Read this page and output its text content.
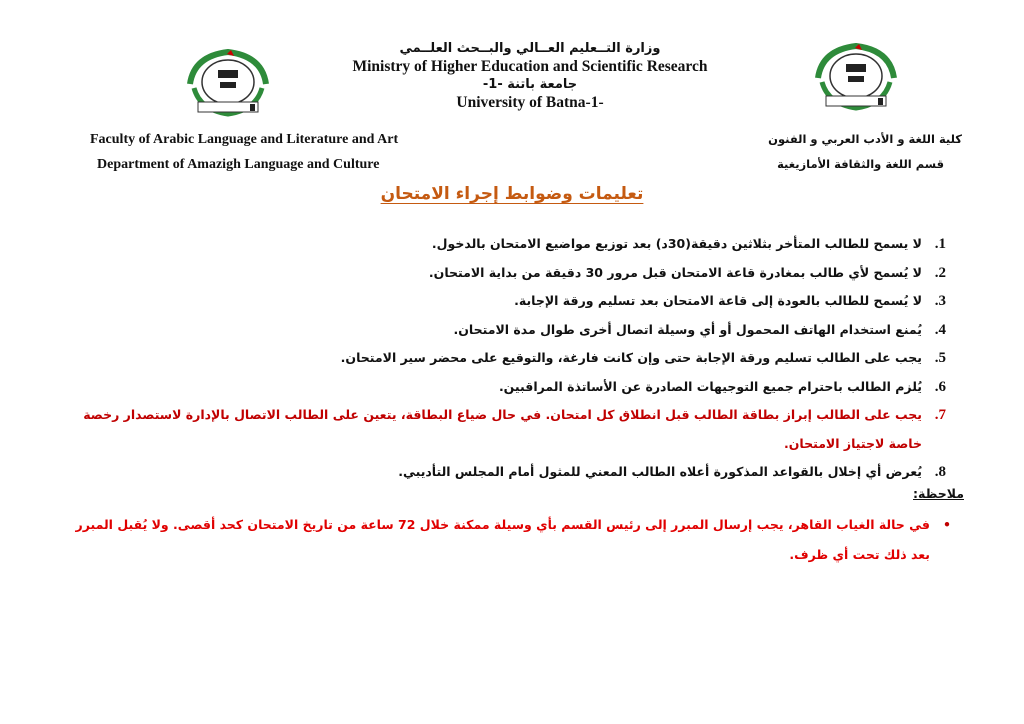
وزارة التــعليم العــالي والبــحث العلــمي
Ministry of Higher Education and Scientific Research
جامعة باتنة -1-
University of Batna-1-
Faculty of Arabic Language and Literature and Art
Department of Amazigh Language and Culture
كلية اللغة و الأدب العربي و الفنون
قسم اللغة والثقافة الأمازيغية
تعليمات وضوابط إجراء الامتحان
1.
لا يسمح للطالب المتأخر بثلاثين دقيقة(30د) بعد توزيع مواضيع الامتحان بالدخول.
2.
لا يُسمح لأي طالب بمغادرة قاعة الامتحان قبل مرور 30 دقيقة من بداية الامتحان.
3.
لا يُسمح للطالب بالعودة إلى قاعة الامتحان بعد تسليم ورقة الإجابة.
4.
يُمنع استخدام الهاتف المحمول أو أي وسيلة اتصال أخرى طوال مدة الامتحان.
5.
يجب على الطالب تسليم ورقة الإجابة حتى وإن كانت فارغة، والتوقيع على محضر سير الامتحان.
6.
يُلزم الطالب باحترام جميع التوجيهات الصادرة عن الأساتذة المراقبين.
7.
يجب على الطالب إبراز بطاقة الطالب قبل انطلاق كل امتحان. في حال ضياع البطاقة، يتعين على الطالب الاتصال بالإدارة لاستصدار رخصة خاصة لاجتياز الامتحان.
8.
يُعرض أي إخلال بالقواعد المذكورة أعلاه الطالب المعني للمثول أمام المجلس التأديبي.
ملاحظة:
•
في حالة الغياب القاهر، يجب إرسال المبرر إلى رئيس القسم بأي وسيلة ممكنة خلال 72 ساعة من تاريخ الامتحان كحد أقصى. ولا يُقبل المبرر بعد ذلك تحت أي ظرف.
